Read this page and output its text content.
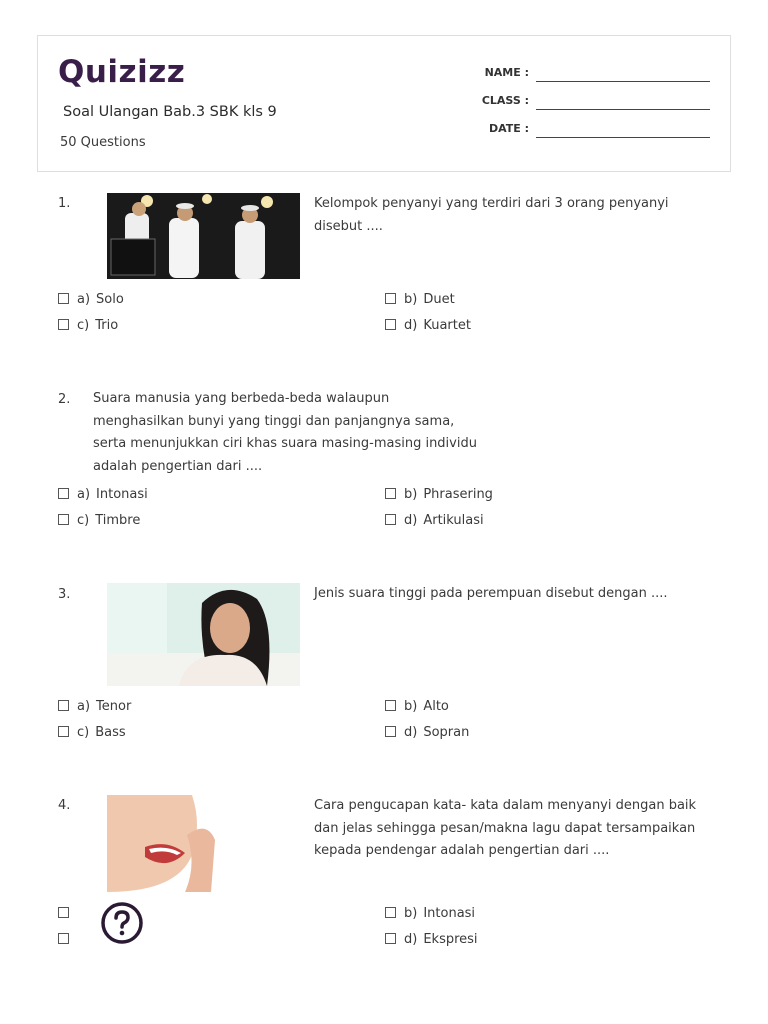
Quizizz
Soal Ulangan Bab.3 SBK kls 9
50 Questions
NAME :
CLASS :
DATE :
1.	Kelompok penyanyi yang terdiri dari 3 orang penyanyi
disebut ....
a) Solo	b) Duet
c) Trio	d) Kuartet
2. Suara manusia yang berbeda-beda walaupun
menghasilkan bunyi yang tinggi dan panjangnya sama,
serta menunjukkan ciri khas suara masing-masing individu
adalah pengertian dari ....
a) Intonasi	b) Phrasering
c) Timbre	d) Artikulasi
3.	Jenis suara tinggi pada perempuan disebut dengan ....
a) Tenor	b) Alto
c) Bass	d) Sopran
4.	Cara pengucapan kata- kata dalam menyanyi dengan baik
dan jelas sehingga pesan/makna lagu dapat tersampaikan
kepada pendengar adalah pengertian dari ....
b) Intonasi
d) Ekspresi
